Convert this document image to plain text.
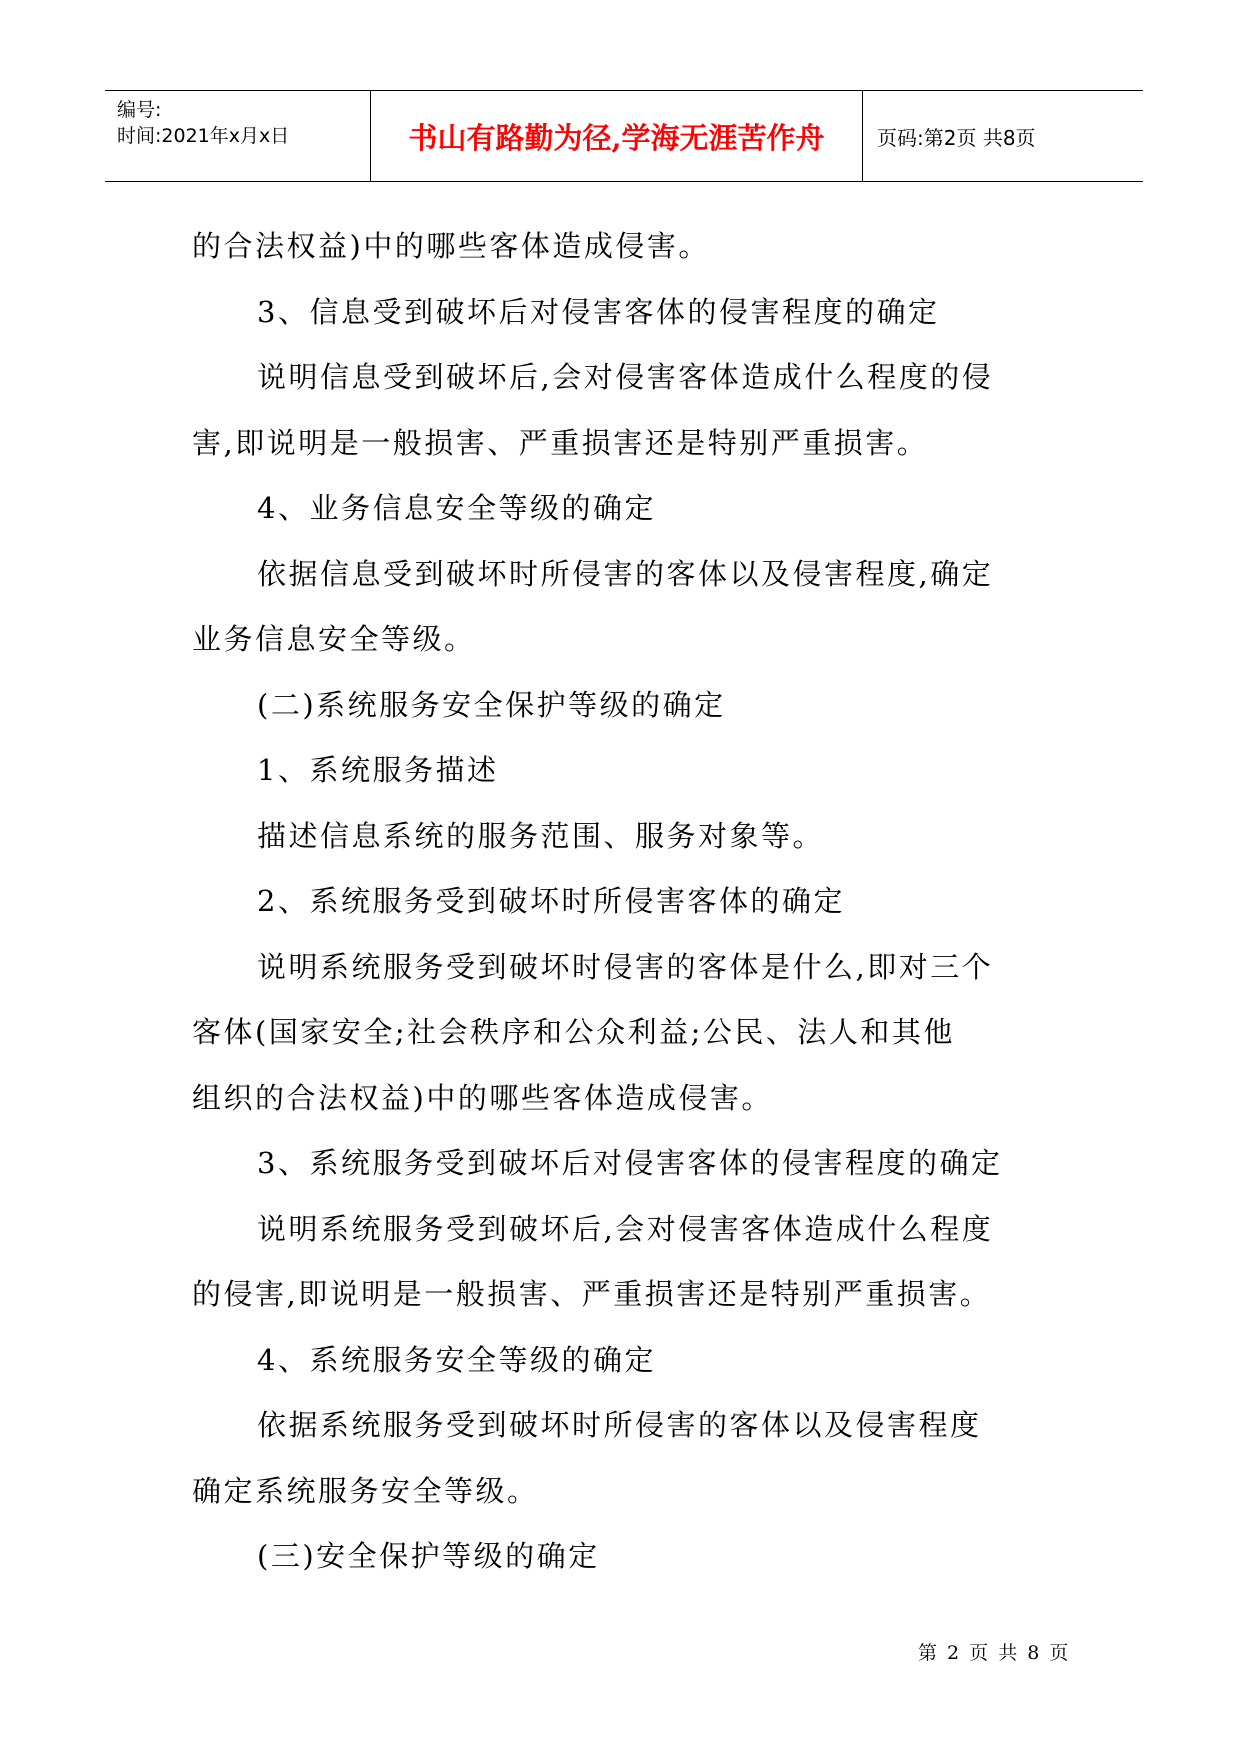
编号:
时间:2021年x月x日	书山有路勤为径,学海无涯苦作舟	页码:第2页 共8页

的合法权益)中的哪些客体造成侵害。

3、信息受到破坏后对侵害客体的侵害程度的确定

说明信息受到破坏后,会对侵害客体造成什么程度的侵

害,即说明是一般损害、严重损害还是特别严重损害。

4、业务信息安全等级的确定

依据信息受到破坏时所侵害的客体以及侵害程度,确定

业务信息安全等级。

(二)系统服务安全保护等级的确定

1、系统服务描述

描述信息系统的服务范围、服务对象等。

2、系统服务受到破坏时所侵害客体的确定

说明系统服务受到破坏时侵害的客体是什么,即对三个

客体(国家安全;社会秩序和公众利益;公民、法人和其他

组织的合法权益)中的哪些客体造成侵害。

3、系统服务受到破坏后对侵害客体的侵害程度的确定

说明系统服务受到破坏后,会对侵害客体造成什么程度

的侵害,即说明是一般损害、严重损害还是特别严重损害。

4、系统服务安全等级的确定

依据系统服务受到破坏时所侵害的客体以及侵害程度

确定系统服务安全等级。

(三)安全保护等级的确定

第 2 页 共 8 页
